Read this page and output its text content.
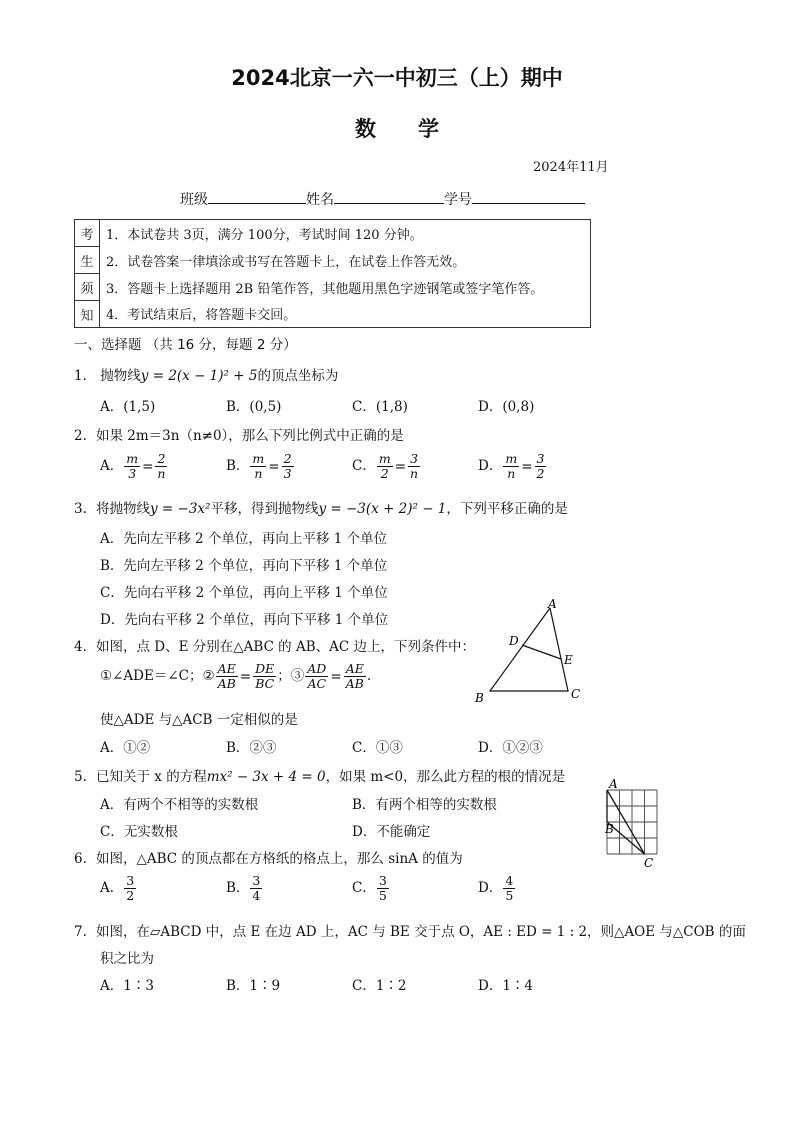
2024北京一六一中初三（上）期中
数　　学
2024年11月
班级	姓名	学号
考	1．本试卷共 3页，满分 100分，考试时间 120 分钟。
生	2．试卷答案一律填涂或书写在答题卡上，在试卷上作答无效。
须	3．答题卡上选择题用 2B 铅笔作答，其他题用黑色字迹钢笔或签字笔作答。
知	4．考试结束后，将答题卡交回。
一、选择题 （共 16 分，每题 2 分）
1. 抛物线y = 2(x − 1)² + 5的顶点坐标为
A．(1,5)	B．(0,5)	C．(1,8)	D．(0,8)
2. 如果 2m＝3n（n≠0），那么下列比例式中正确的是
A． $\frac{m}{3} = \frac{2}{n}$	B． $\frac{m}{n} = \frac{2}{3}$	C． $\frac{m}{2} = \frac{3}{n}$	D． $\frac{m}{n} = \frac{3}{2}$
3. 将抛物线y = −3x²平移，得到抛物线y = −3(x + 2)² − 1，下列平移正确的是
A．先向左平移 2 个单位，再向上平移 1 个单位
B．先向左平移 2 个单位，再向下平移 1 个单位
C．先向右平移 2 个单位，再向上平移 1 个单位
D．先向右平移 2 个单位，再向下平移 1 个单位
4. 如图，点 D、E 分别在△ABC 的 AB、AC 边上，下列条件中：
①∠ADE＝∠C；② $\frac{AE}{AB} = \frac{DE}{BC}$ ；③ $\frac{AD}{AC} = \frac{AE}{AB}$ .
使△ADE 与△ACB 一定相似的是
A．①②	B．②③	C．①③	D．①②③
A
D
E
B	C
5. 已知关于 x 的方程mx² − 3x + 4 = 0，如果 m<0，那么此方程的根的情况是
A．有两个不相等的实数根	B．有两个相等的实数根
C．无实数根	D．不能确定
A
B
C
6. 如图，△ABC 的顶点都在方格纸的格点上，那么 sinA 的值为
A． $\frac{3}{2}$	B． $\frac{3}{4}$	C． $\frac{3}{5}$	D． $\frac{4}{5}$
7. 如图，在▱ABCD 中，点 E 在边 AD 上，AC 与 BE 交于点 O，AE : ED = 1 : 2，则△AOE 与△COB 的面
积之比为
A．1∶3	B．1∶9	C．1∶2	D．1∶4
